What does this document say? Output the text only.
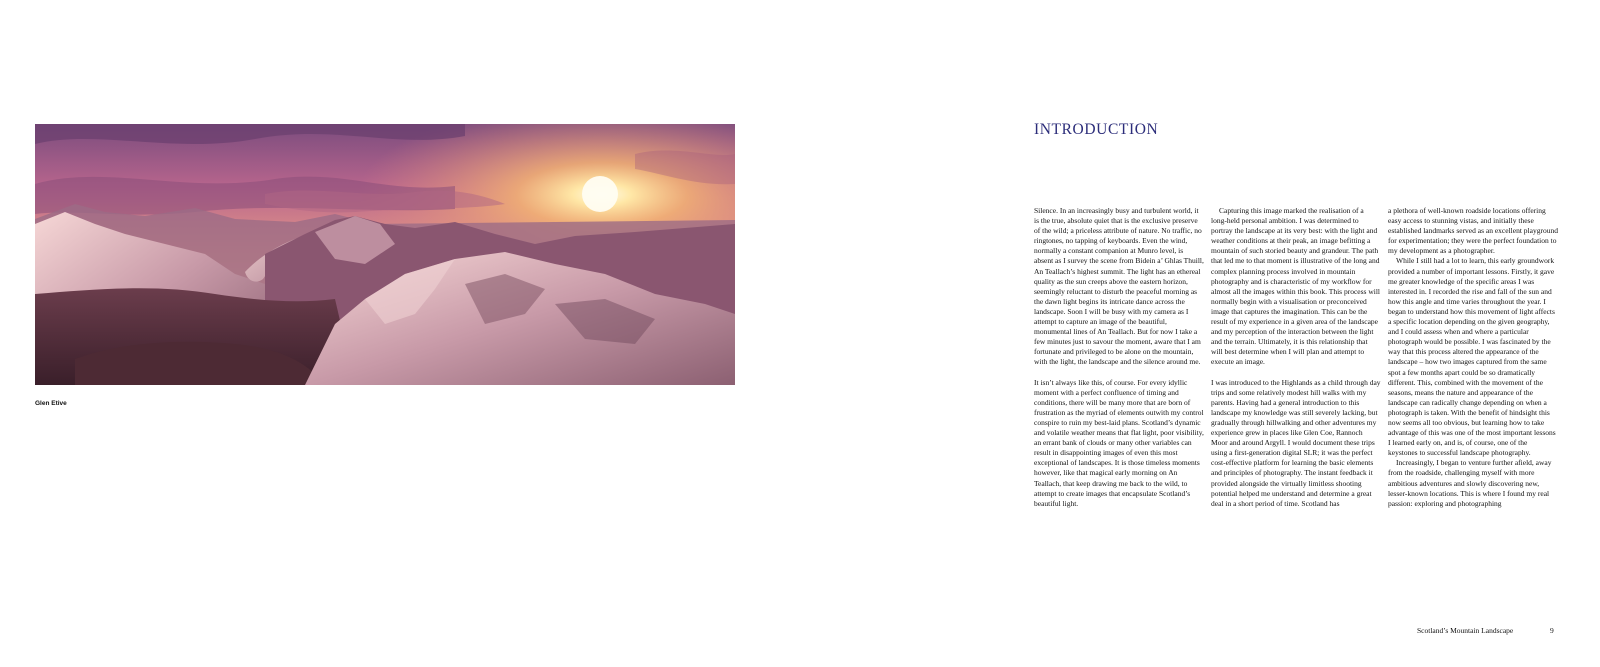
Glen Etive
INTRODUCTION

Silence. In an increasingly busy and turbulent world, it is the true, absolute quiet that is the exclusive preserve of the wild; a priceless attribute of nature. No traffic, no ringtones, no tapping of keyboards. Even the wind, normally a constant companion at Munro level, is absent as I survey the scene from Bidein a’ Ghlas Thuill, An Teallach’s highest summit. The light has an ethereal quality as the sun creeps above the eastern horizon, seemingly reluctant to disturb the peaceful morning as the dawn light begins its intricate dance across the landscape. Soon I will be busy with my camera as I attempt to capture an image of the beautiful, monumental lines of An Teallach. But for now I take a few minutes just to savour the moment, aware that I am fortunate and privileged to be alone on the mountain, with the light, the landscape and the silence around me.

It isn’t always like this, of course. For every idyllic moment with a perfect confluence of timing and conditions, there will be many more that are born of frustration as the myriad of elements outwith my control conspire to ruin my best-laid plans. Scotland’s dynamic and volatile weather means that flat light, poor visibility, an errant bank of clouds or many other variables can result in disappointing images of even this most exceptional of landscapes. It is those timeless moments however, like that magical early morning on An Teallach, that keep drawing me back to the wild, to attempt to create images that encapsulate Scotland’s beautiful light.

Capturing this image marked the realisation of a long-held personal ambition. I was determined to portray the landscape at its very best: with the light and weather conditions at their peak, an image befitting a mountain of such storied beauty and grandeur. The path that led me to that moment is illustrative of the long and complex planning process involved in mountain photography and is characteristic of my workflow for almost all the images within this book. This process will normally begin with a visualisation or preconceived image that captures the imagination. This can be the result of my experience in a given area of the landscape and my perception of the interaction between the light and the terrain. Ultimately, it is this relationship that will best determine when I will plan and attempt to execute an image.

I was introduced to the Highlands as a child through day trips and some relatively modest hill walks with my parents. Having had a general introduction to this landscape my knowledge was still severely lacking, but gradually through hillwalking and other adventures my experience grew in places like Glen Coe, Rannoch Moor and around Argyll. I would document these trips using a first-generation digital SLR; it was the perfect cost-effective platform for learning the basic elements and principles of photography. The instant feedback it provided alongside the virtually limitless shooting potential helped me understand and determine a great deal in a short period of time. Scotland has

a plethora of well-known roadside locations offering easy access to stunning vistas, and initially these established landmarks served as an excellent playground for experimentation; they were the perfect foundation to my development as a photographer.

While I still had a lot to learn, this early groundwork provided a number of important lessons. Firstly, it gave me greater knowledge of the specific areas I was interested in. I recorded the rise and fall of the sun and how this angle and time varies throughout the year. I began to understand how this movement of light affects a specific location depending on the given geography, and I could assess when and where a particular photograph would be possible. I was fascinated by the way that this process altered the appearance of the landscape – how two images captured from the same spot a few months apart could be so dramatically different. This, combined with the movement of the seasons, means the nature and appearance of the landscape can radically change depending on when a photograph is taken. With the benefit of hindsight this now seems all too obvious, but learning how to take advantage of this was one of the most important lessons I learned early on, and is, of course, one of the keystones to successful landscape photography.

Increasingly, I began to venture further afield, away from the roadside, challenging myself with more ambitious adventures and slowly discovering new, lesser-known locations. This is where I found my real passion: exploring and photographing

Scotland’s Mountain Landscape	9
